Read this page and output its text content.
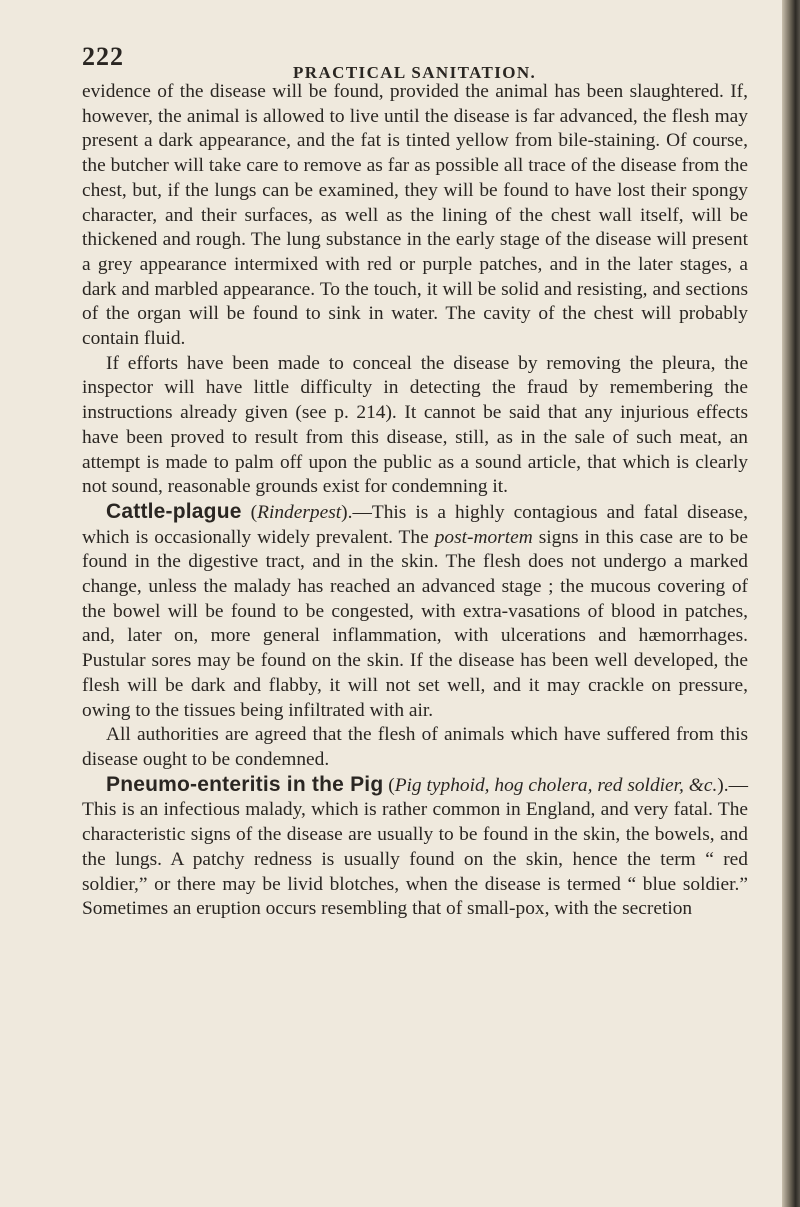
222
PRACTICAL SANITATION.

evidence of the disease will be found, provided the animal has been slaughtered. If, however, the animal is allowed to live until the disease is far advanced, the flesh may present a dark appearance, and the fat is tinted yellow from bile-staining. Of course, the butcher will take care to remove as far as possible all trace of the disease from the chest, but, if the lungs can be examined, they will be found to have lost their spongy character, and their surfaces, as well as the lining of the chest wall itself, will be thickened and rough. The lung substance in the early stage of the disease will present a grey appearance intermixed with red or purple patches, and in the later stages, a dark and marbled appearance. To the touch, it will be solid and resisting, and sections of the organ will be found to sink in water. The cavity of the chest will probably contain fluid.

If efforts have been made to conceal the disease by removing the pleura, the inspector will have little difficulty in detecting the fraud by remembering the instructions already given (see p. 214). It cannot be said that any injurious effects have been proved to result from this disease, still, as in the sale of such meat, an attempt is made to palm off upon the public as a sound article, that which is clearly not sound, reasonable grounds exist for condemning it.

Cattle-plague (Rinderpest).—This is a highly contagious and fatal disease, which is occasionally widely prevalent. The post-mortem signs in this case are to be found in the digestive tract, and in the skin. The flesh does not undergo a marked change, unless the malady has reached an advanced stage ; the mucous covering of the bowel will be found to be congested, with extra-vasations of blood in patches, and, later on, more general inflammation, with ulcerations and hæmorrhages. Pustular sores may be found on the skin. If the disease has been well developed, the flesh will be dark and flabby, it will not set well, and it may crackle on pressure, owing to the tissues being infiltrated with air.

All authorities are agreed that the flesh of animals which have suffered from this disease ought to be condemned.

Pneumo-enteritis in the Pig (Pig typhoid, hog cholera, red soldier, &c.).—This is an infectious malady, which is rather common in England, and very fatal. The characteristic signs of the disease are usually to be found in the skin, the bowels, and the lungs. A patchy redness is usually found on the skin, hence the term “ red soldier,” or there may be livid blotches, when the disease is termed “ blue soldier.” Sometimes an eruption occurs resembling that of small-pox, with the secretion
